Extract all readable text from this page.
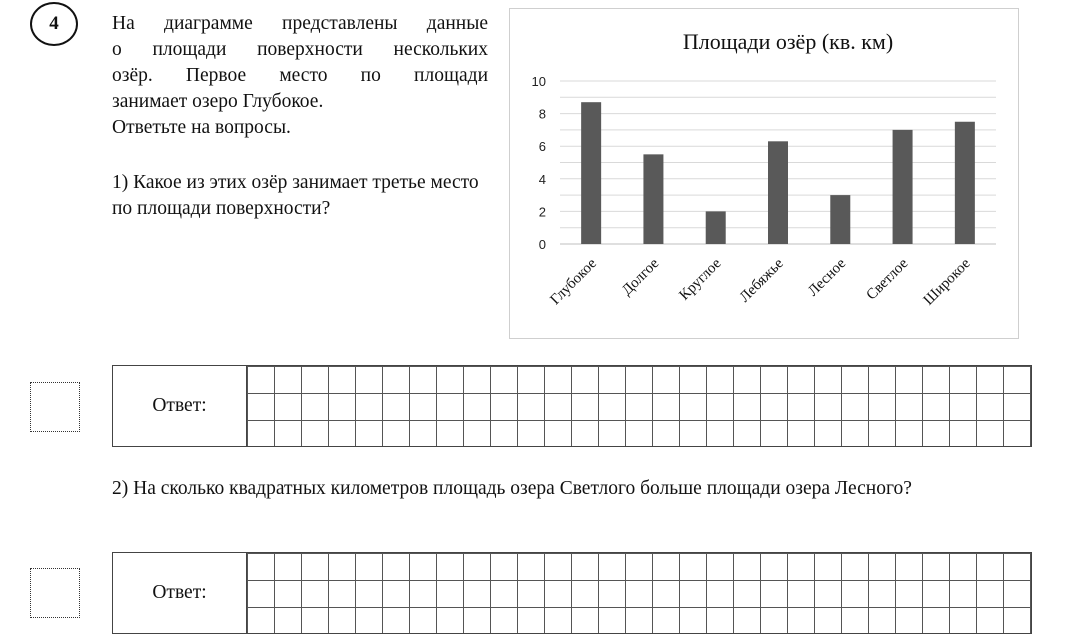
4	На диаграмме представлены данные

о площади поверхности нескольких

озёр. Первое место по площади

занимает озеро Глубокое.

Ответьте на вопросы.

1) Какое из этих озёр занимает третье место по площади поверхности?

Площади озёр (кв. км)
0
2
4
6
8
10
Глубокое Долгое Круглое Лебяжье Лесное Светлое Широкое
Ответ:

2) На сколько квадратных километров площадь озера Светлого больше площади озера Лесного?

Ответ:
